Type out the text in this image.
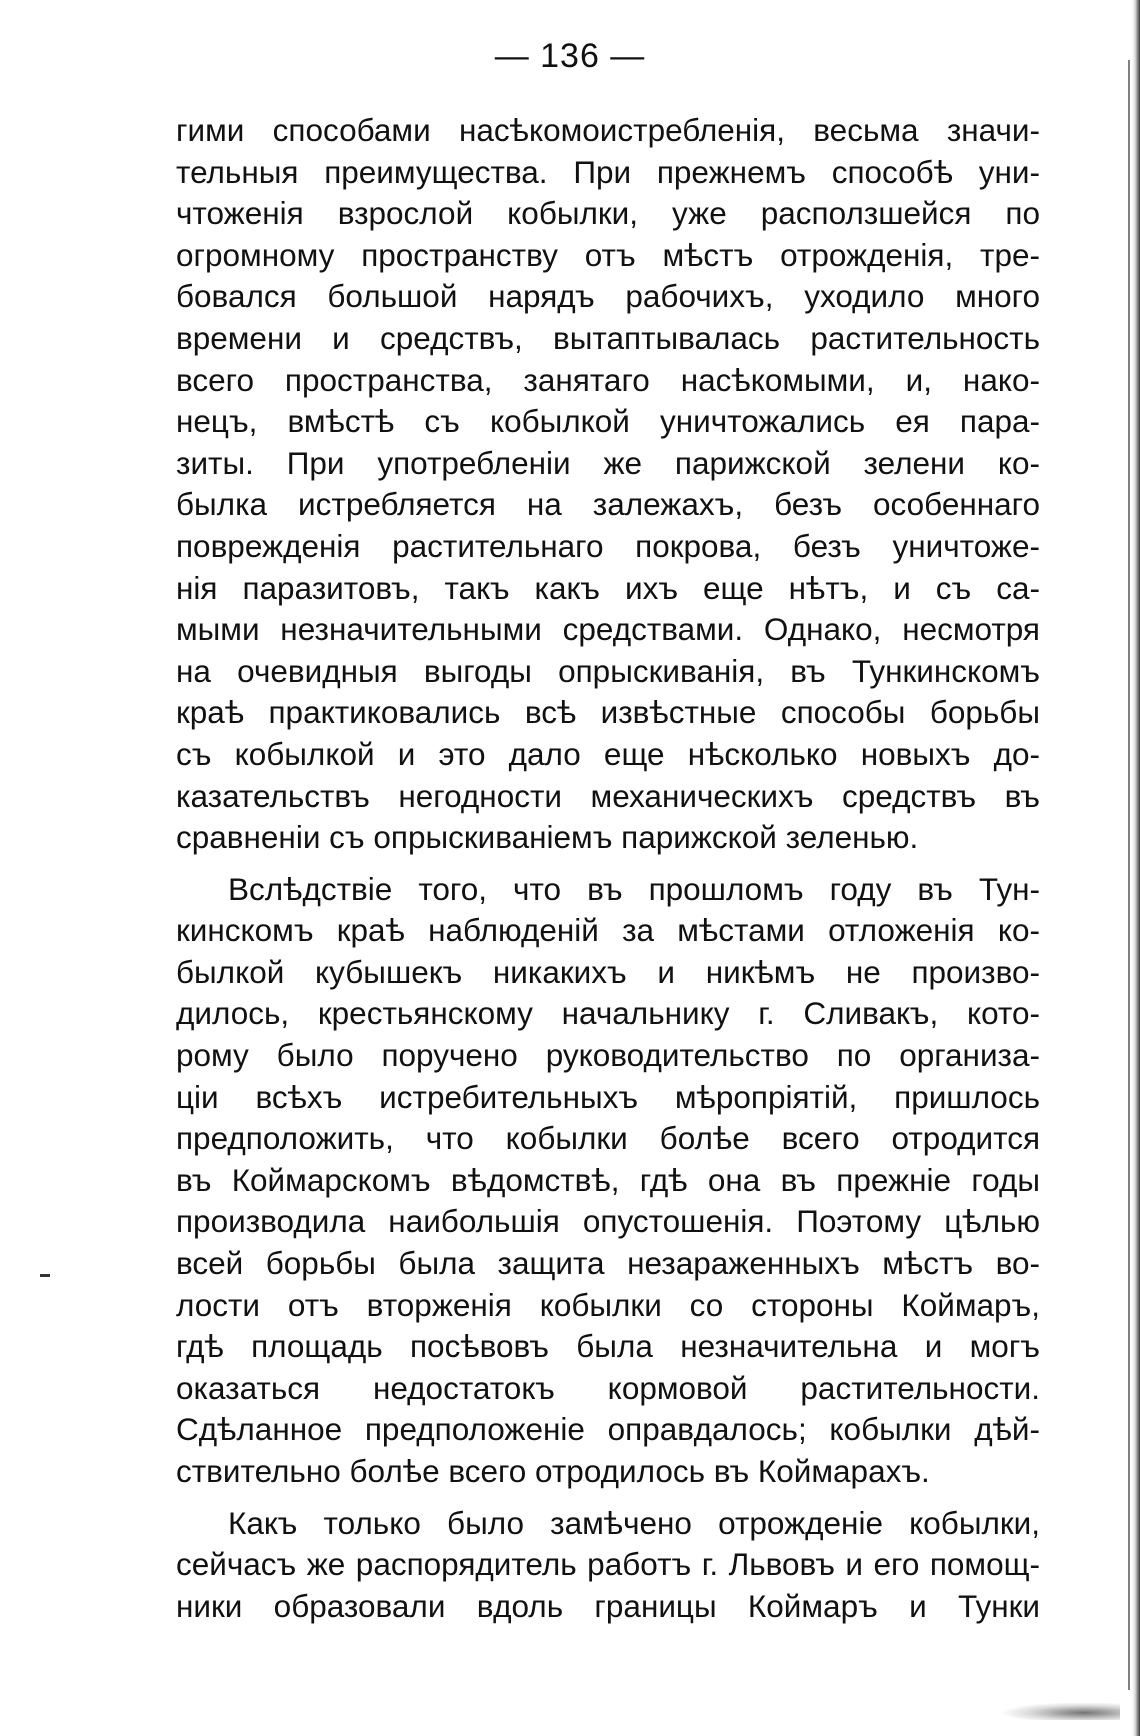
— 136 —
гими способами насѣкомоистребленія, весьма значи-
тельныя преимущества. При прежнемъ способѣ уни-
чтоженія взрослой кобылки, уже расползшейся по
огромному пространству отъ мѣстъ отрожденія, тре-
бовался большой нарядъ рабочихъ, уходило много
времени и средствъ, вытаптывалась растительность
всего пространства, занятаго насѣкомыми, и, нако-
нецъ, вмѣстѣ съ кобылкой уничтожались ея пара-
зиты. При употребленіи же парижской зелени ко-
былка истребляется на залежахъ, безъ особеннаго
поврежденія растительнаго покрова, безъ уничтоже-
нія паразитовъ, такъ какъ ихъ еще нѣтъ, и съ са-
мыми незначительными средствами. Однако, несмотря
на очевидныя выгоды опрыскиванія, въ Тункинскомъ
краѣ практиковались всѣ извѣстные способы борьбы
съ кобылкой и это дало еще нѣсколько новыхъ до-
казательствъ негодности механическихъ средствъ въ
сравненіи съ опрыскиваніемъ парижской зеленью.
Вслѣдствіе того, что въ прошломъ году въ Тун-
кинскомъ краѣ наблюденій за мѣстами отложенія ко-
былкой кубышекъ никакихъ и никѣмъ не произво-
дилось, крестьянскому начальнику г. Сливакъ, кото-
рому было поручено руководительство по организа-
ціи всѣхъ истребительныхъ мѣропріятій, пришлось
предположить, что кобылки болѣе всего отродится
въ Коймарскомъ вѣдомствѣ, гдѣ она въ прежніе годы
производила наибольшія опустошенія. Поэтому цѣлью
всей борьбы была защита незараженныхъ мѣстъ во-
лости отъ вторженія кобылки со стороны Коймаръ,
гдѣ площадь посѣвовъ была незначительна и могъ
оказаться недостатокъ кормовой растительности.
Сдѣланное предположеніе оправдалось; кобылки дѣй-
ствительно болѣе всего отродилось въ Коймарахъ.
Какъ только было замѣчено отрожденіе кобылки,
сейчасъ же распорядитель работъ г. Львовъ и его помощ-
ники образовали вдоль границы Коймаръ и Тунки
